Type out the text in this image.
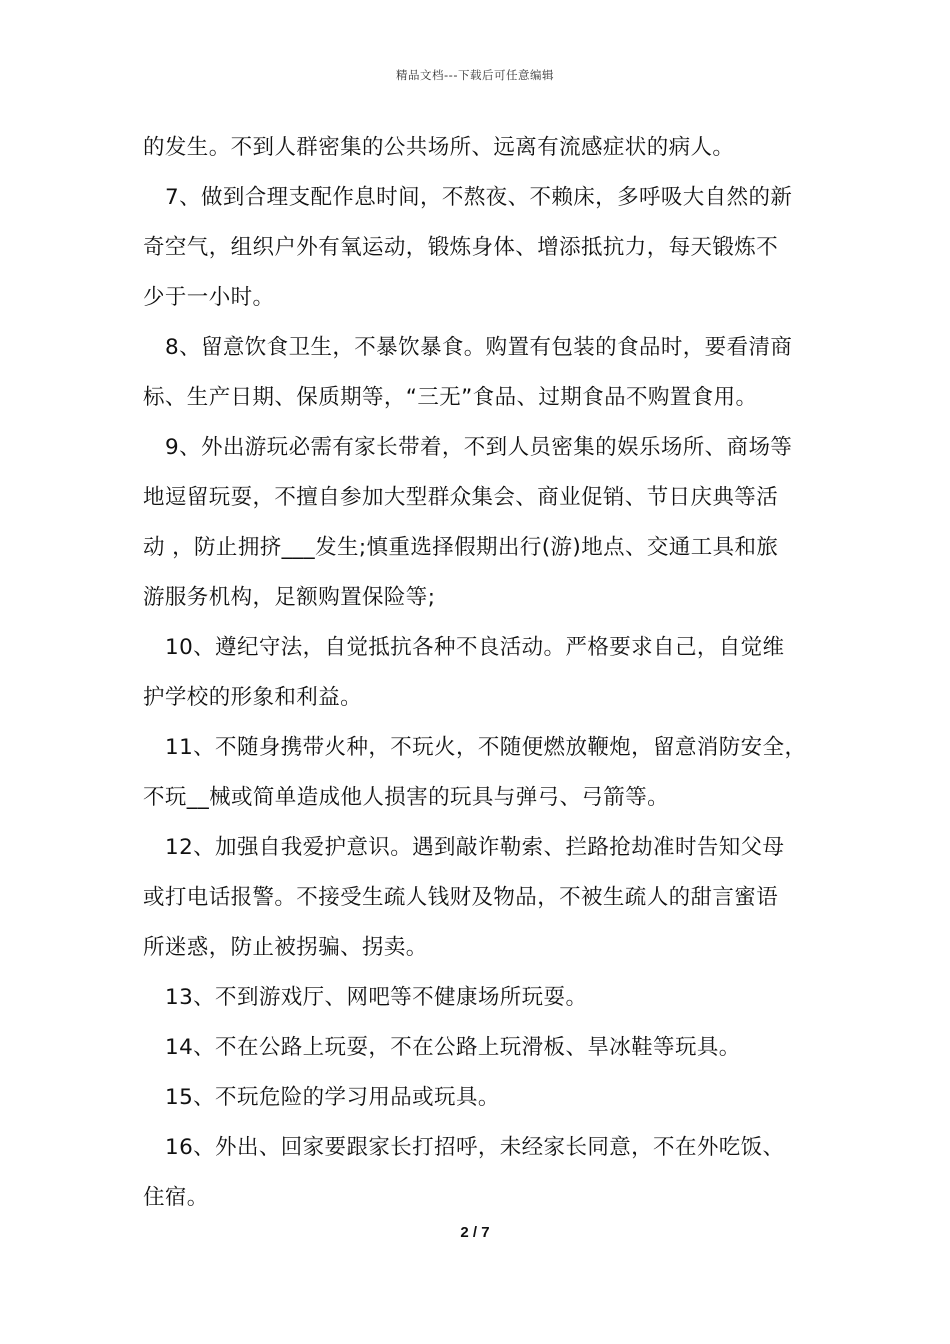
精品文档---下载后可任意编辑

的发生。不到人群密集的公共场所、远离有流感症状的病人。

7、做到合理支配作息时间，不熬夜、不赖床，多呼吸大自然的新

奇空气，组织户外有氧运动，锻炼身体、增添抵抗力，每天锻炼不

少于一小时。

8、留意饮食卫生，不暴饮暴食。购置有包装的食品时，要看清商

标、生产日期、保质期等，“三无”食品、过期食品不购置食用。

9、外出游玩必需有家长带着，不到人员密集的娱乐场所、商场等

地逗留玩耍，不擅自参加大型群众集会、商业促销、节日庆典等活

动 ，防止拥挤___发生;慎重选择假期出行(游)地点、交通工具和旅

游服务机构，足额购置保险等;

10、遵纪守法，自觉抵抗各种不良活动。严格要求自己，自觉维

护学校的形象和利益。

11、不随身携带火种，不玩火，不随便燃放鞭炮，留意消防安全，

不玩__械或简单造成他人损害的玩具与弹弓、弓箭等。

12、加强自我爱护意识。遇到敲诈勒索、拦路抢劫准时告知父母

或打电话报警。不接受生疏人钱财及物品，不被生疏人的甜言蜜语

所迷惑，防止被拐骗、拐卖。

13、不到游戏厅、网吧等不健康场所玩耍。

14、不在公路上玩耍，不在公路上玩滑板、旱冰鞋等玩具。

15、不玩危险的学习用品或玩具。

16、外出、回家要跟家长打招呼，未经家长同意，不在外吃饭、

住宿。

2 / 7
